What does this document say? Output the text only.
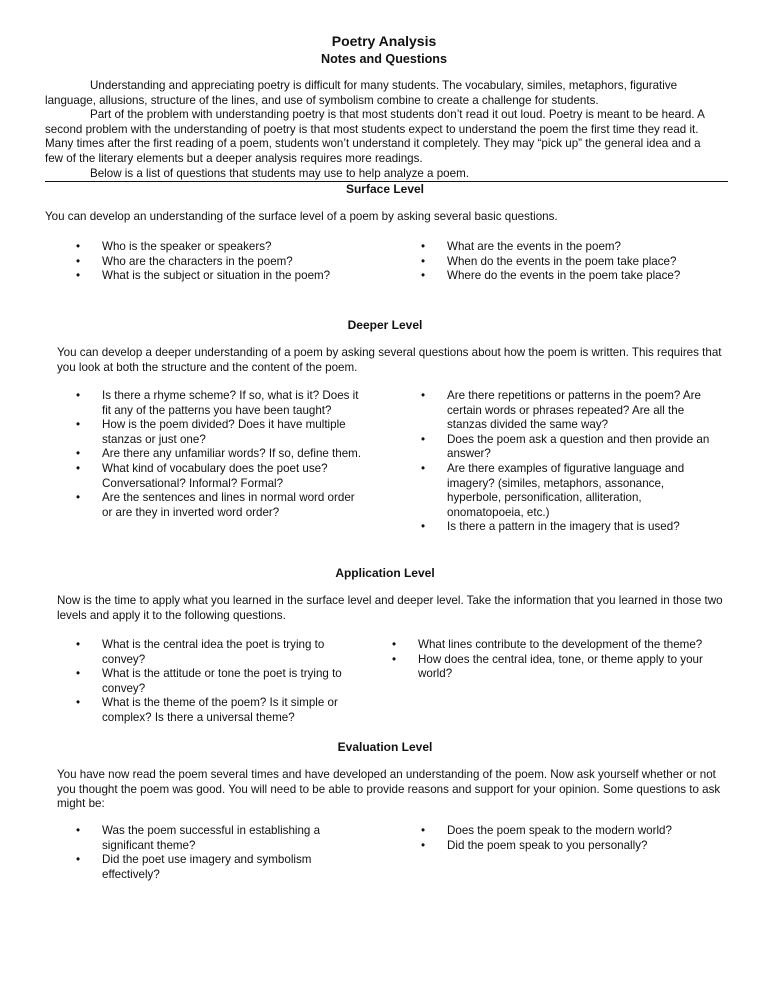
Poetry Analysis
Notes and Questions

Understanding and appreciating poetry is difficult for many students. The vocabulary, similes, metaphors, figurative language, allusions, structure of the lines, and use of symbolism combine to create a challenge for students.

Part of the problem with understanding poetry is that most students don’t read it out loud. Poetry is meant to be heard. A second problem with the understanding of poetry is that most students expect to understand the poem the first time they read it. Many times after the first reading of a poem, students won’t understand it completely. They may “pick up” the general idea and a few of the literary elements but a deeper analysis requires more readings.

Below is a list of questions that students may use to help analyze a poem.

Surface Level
You can develop an understanding of the surface level of a poem by asking several basic questions.
• Who is the speaker or speakers?
• Who are the characters in the poem?
• What is the subject or situation in the poem?
• What are the events in the poem?
• When do the events in the poem take place?
• Where do the events in the poem take place?
Deeper Level
You can develop a deeper understanding of a poem by asking several questions about how the poem is written. This requires that you look at both the structure and the content of the poem.
• Is there a rhyme scheme? If so, what is it? Does it fit any of the patterns you have been taught?
• How is the poem divided? Does it have multiple stanzas or just one?
• Are there any unfamiliar words? If so, define them.
• What kind of vocabulary does the poet use? Conversational? Informal? Formal?
• Are the sentences and lines in normal word order or are they in inverted word order?
• Are there repetitions or patterns in the poem? Are certain words or phrases repeated? Are all the stanzas divided the same way?
• Does the poem ask a question and then provide an answer?
• Are there examples of figurative language and imagery? (similes, metaphors, assonance, hyperbole, personification, alliteration, onomatopoeia, etc.)
• Is there a pattern in the imagery that is used?
Application Level
Now is the time to apply what you learned in the surface level and deeper level. Take the information that you learned in those two levels and apply it to the following questions.
• What is the central idea the poet is trying to convey?
• What is the attitude or tone the poet is trying to convey?
• What is the theme of the poem? Is it simple or complex? Is there a universal theme?
• What lines contribute to the development of the theme?
• How does the central idea, tone, or theme apply to your world?
Evaluation Level
You have now read the poem several times and have developed an understanding of the poem. Now ask yourself whether or not you thought the poem was good. You will need to be able to provide reasons and support for your opinion. Some questions to ask might be:
• Was the poem successful in establishing a significant theme?
• Did the poet use imagery and symbolism effectively?
• Does the poem speak to the modern world?
• Did the poem speak to you personally?
